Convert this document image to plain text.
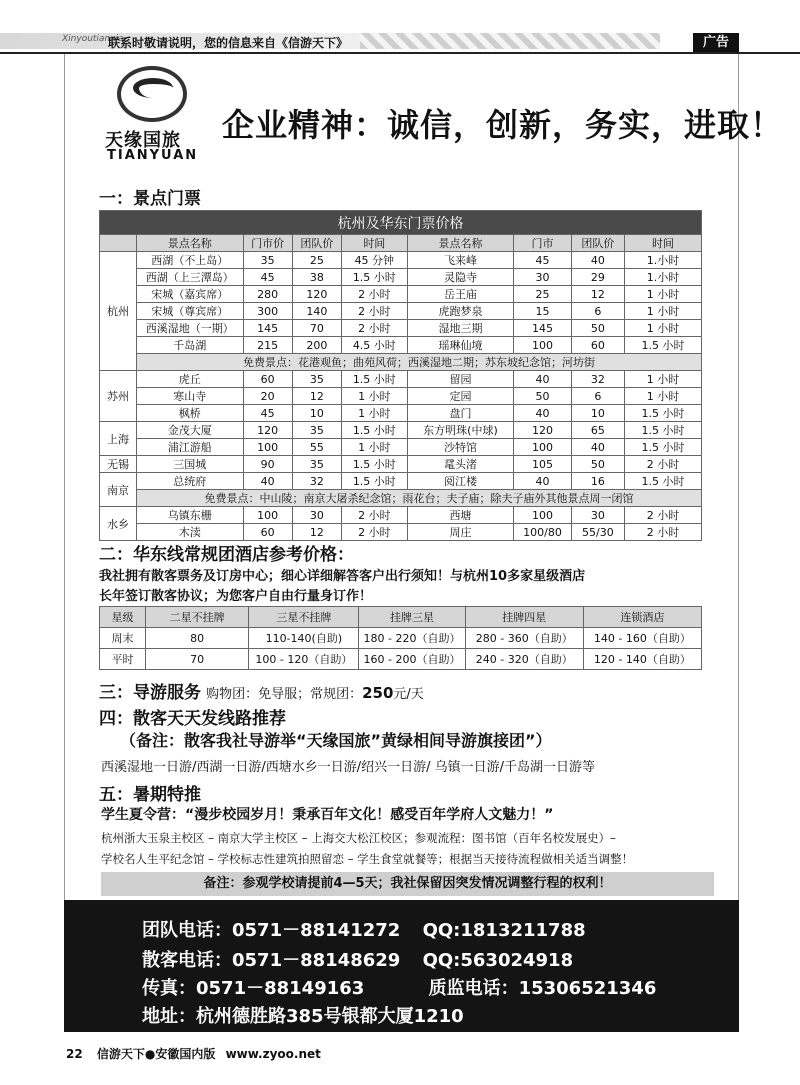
Xinyoutianxia
联系时敬请说明，您的信息来自《信游天下》	广告
天缘国旅
TIANYUAN
企业精神：诚信，创新，务实，进取！
一：景点门票
杭州及华东门票价格								
	景点名称	门市价	团队价	时间	景点名称	门市	团队价	时间
杭州	西湖（不上岛）	35	25	45 分钟	飞来峰	45	40	1.小时
	西湖（上三潭岛）	45	38	1.5 小时	灵隐寺	30	29	1.小时
	宋城（嘉宾席）	280	120	2 小时	岳王庙	25	12	1 小时
	宋城（尊宾席）	300	140	2 小时	虎跑梦泉	15	6	1 小时
	西溪湿地（一期）	145	70	2 小时	湿地三期	145	50	1 小时
	千岛湖	215	200	4.5 小时	瑶琳仙境	100	60	1.5 小时
	免费景点：花港观鱼；曲苑风荷；西溪湿地二期；苏东坡纪念馆；河坊街							
苏州	虎丘	60	35	1.5 小时	留园	40	32	1 小时
	寒山寺	20	12	1 小时	定园	50	6	1 小时
	枫桥	45	10	1 小时	盘门	40	10	1.5 小时
上海	金茂大厦	120	35	1.5 小时	东方明珠(中球)	120	65	1.5 小时
	浦江游船	100	55	1 小时	沙特馆	100	40	1.5 小时
无锡	三国城	90	35	1.5 小时	鼋头渚	105	50	2 小时
南京	总统府	40	32	1.5 小时	阅江楼	40	16	1.5 小时
	免费景点：中山陵；南京大屠杀纪念馆；雨花台；夫子庙；除夫子庙外其他景点周一闭馆							
水乡	乌镇东栅	100	30	2 小时	西塘	100	30	2 小时
	木渎	60	12	2 小时	周庄	100/80	55/30	2 小时
二：华东线常规团酒店参考价格：
我社拥有散客票务及订房中心；细心详细解答客户出行须知！与杭州10多家星级酒店
长年签订散客协议；为您客户自由行量身订作！
星级	二星不挂牌	三星不挂牌	挂牌三星	挂牌四星	连锁酒店
周末	80	110-140(自助)	180 - 220（自助）	280 - 360（自助）	140 - 160（自助）
平时	70	100 - 120（自助）	160 - 200（自助）	240 - 320（自助）	120 - 140（自助）
三：导游服务 购物团：免导服；常规团：250元/天
四：散客天天发线路推荐
（备注：散客我社导游举“天缘国旅”黄绿相间导游旗接团”）
西溪湿地一日游/西湖一日游/西塘水乡一日游/绍兴一日游/ 乌镇一日游/千岛湖一日游等
五：暑期特推
学生夏令营：“漫步校园岁月！秉承百年文化！感受百年学府人文魅力！”
杭州浙大玉泉主校区 – 南京大学主校区 – 上海交大松江校区；参观流程：图书馆（百年名校发展史）–
学校名人生平纪念馆 – 学校标志性建筑拍照留恋 – 学生食堂就餐等；根据当天接待流程做相关适当调整！
备注：参观学校请提前4—5天；我社保留因突发情况调整行程的权利！
团队电话：0571－88141272 QQ:1813211788
散客电话：0571－88148629 QQ:563024918
传真：0571－88149163	质监电话：15306521346
地址：杭州德胜路385号银都大厦1210
22 信游天下●安徽国内版 www.zyoo.net
